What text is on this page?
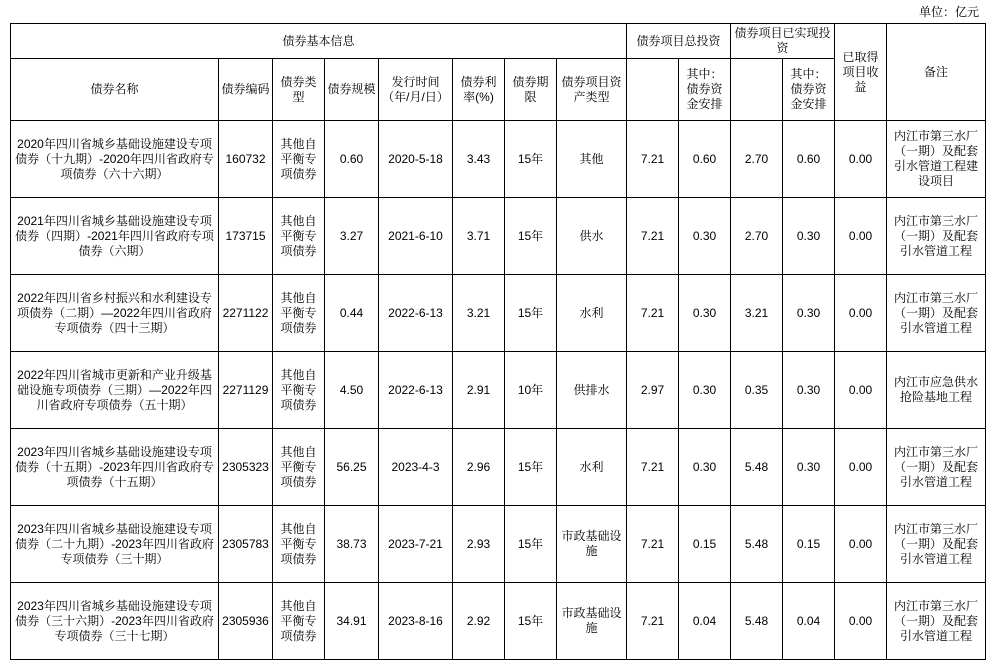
单位：亿元
债券基本信息								债券项目总投资		债券项目已实现投资		已取得项目收益	备注
债券名称	债券编码	债券类型	债券规模	发行时间（年/月/日）	债券利率(%)	债券期限	债券项目资产类型		其中：债券资金安排		其中：债券资金安排		
2020年四川省城乡基础设施建设专项债券（十九期）-2020年四川省政府专项债券（六十六期）	160732	其他自平衡专项债券	0.60	2020-5-18	3.43	15年	其他	7.21	0.60	2.70	0.60	0.00	内江市第三水厂（一期）及配套引水管道工程建设项目
2021年四川省城乡基础设施建设专项债券（四期）-2021年四川省政府专项债券（六期）	173715	其他自平衡专项债券	3.27	2021-6-10	3.71	15年	供水	7.21	0.30	2.70	0.30	0.00	内江市第三水厂（一期）及配套引水管道工程
2022年四川省乡村振兴和水利建设专项债券（二期）—2022年四川省政府专项债券（四十三期）	2271122	其他自平衡专项债券	0.44	2022-6-13	3.21	15年	水利	7.21	0.30	3.21	0.30	0.00	内江市第三水厂（一期）及配套引水管道工程
2022年四川省城市更新和产业升级基础设施专项债券（三期）—2022年四川省政府专项债券（五十期）	2271129	其他自平衡专项债券	4.50	2022-6-13	2.91	10年	供排水	2.97	0.30	0.35	0.30	0.00	内江市应急供水抢险基地工程
2023年四川省城乡基础设施建设专项债券（十五期）-2023年四川省政府专项债券（十五期）	2305323	其他自平衡专项债券	56.25	2023-4-3	2.96	15年	水利	7.21	0.30	5.48	0.30	0.00	内江市第三水厂（一期）及配套引水管道工程
2023年四川省城乡基础设施建设专项债券（二十九期）-2023年四川省政府专项债券（三十期）	2305783	其他自平衡专项债券	38.73	2023-7-21	2.93	15年	市政基础设施	7.21	0.15	5.48	0.15	0.00	内江市第三水厂（一期）及配套引水管道工程
2023年四川省城乡基础设施建设专项债券（三十六期）-2023年四川省政府专项债券（三十七期）	2305936	其他自平衡专项债券	34.91	2023-8-16	2.92	15年	市政基础设施	7.21	0.04	5.48	0.04	0.00	内江市第三水厂（一期）及配套引水管道工程
